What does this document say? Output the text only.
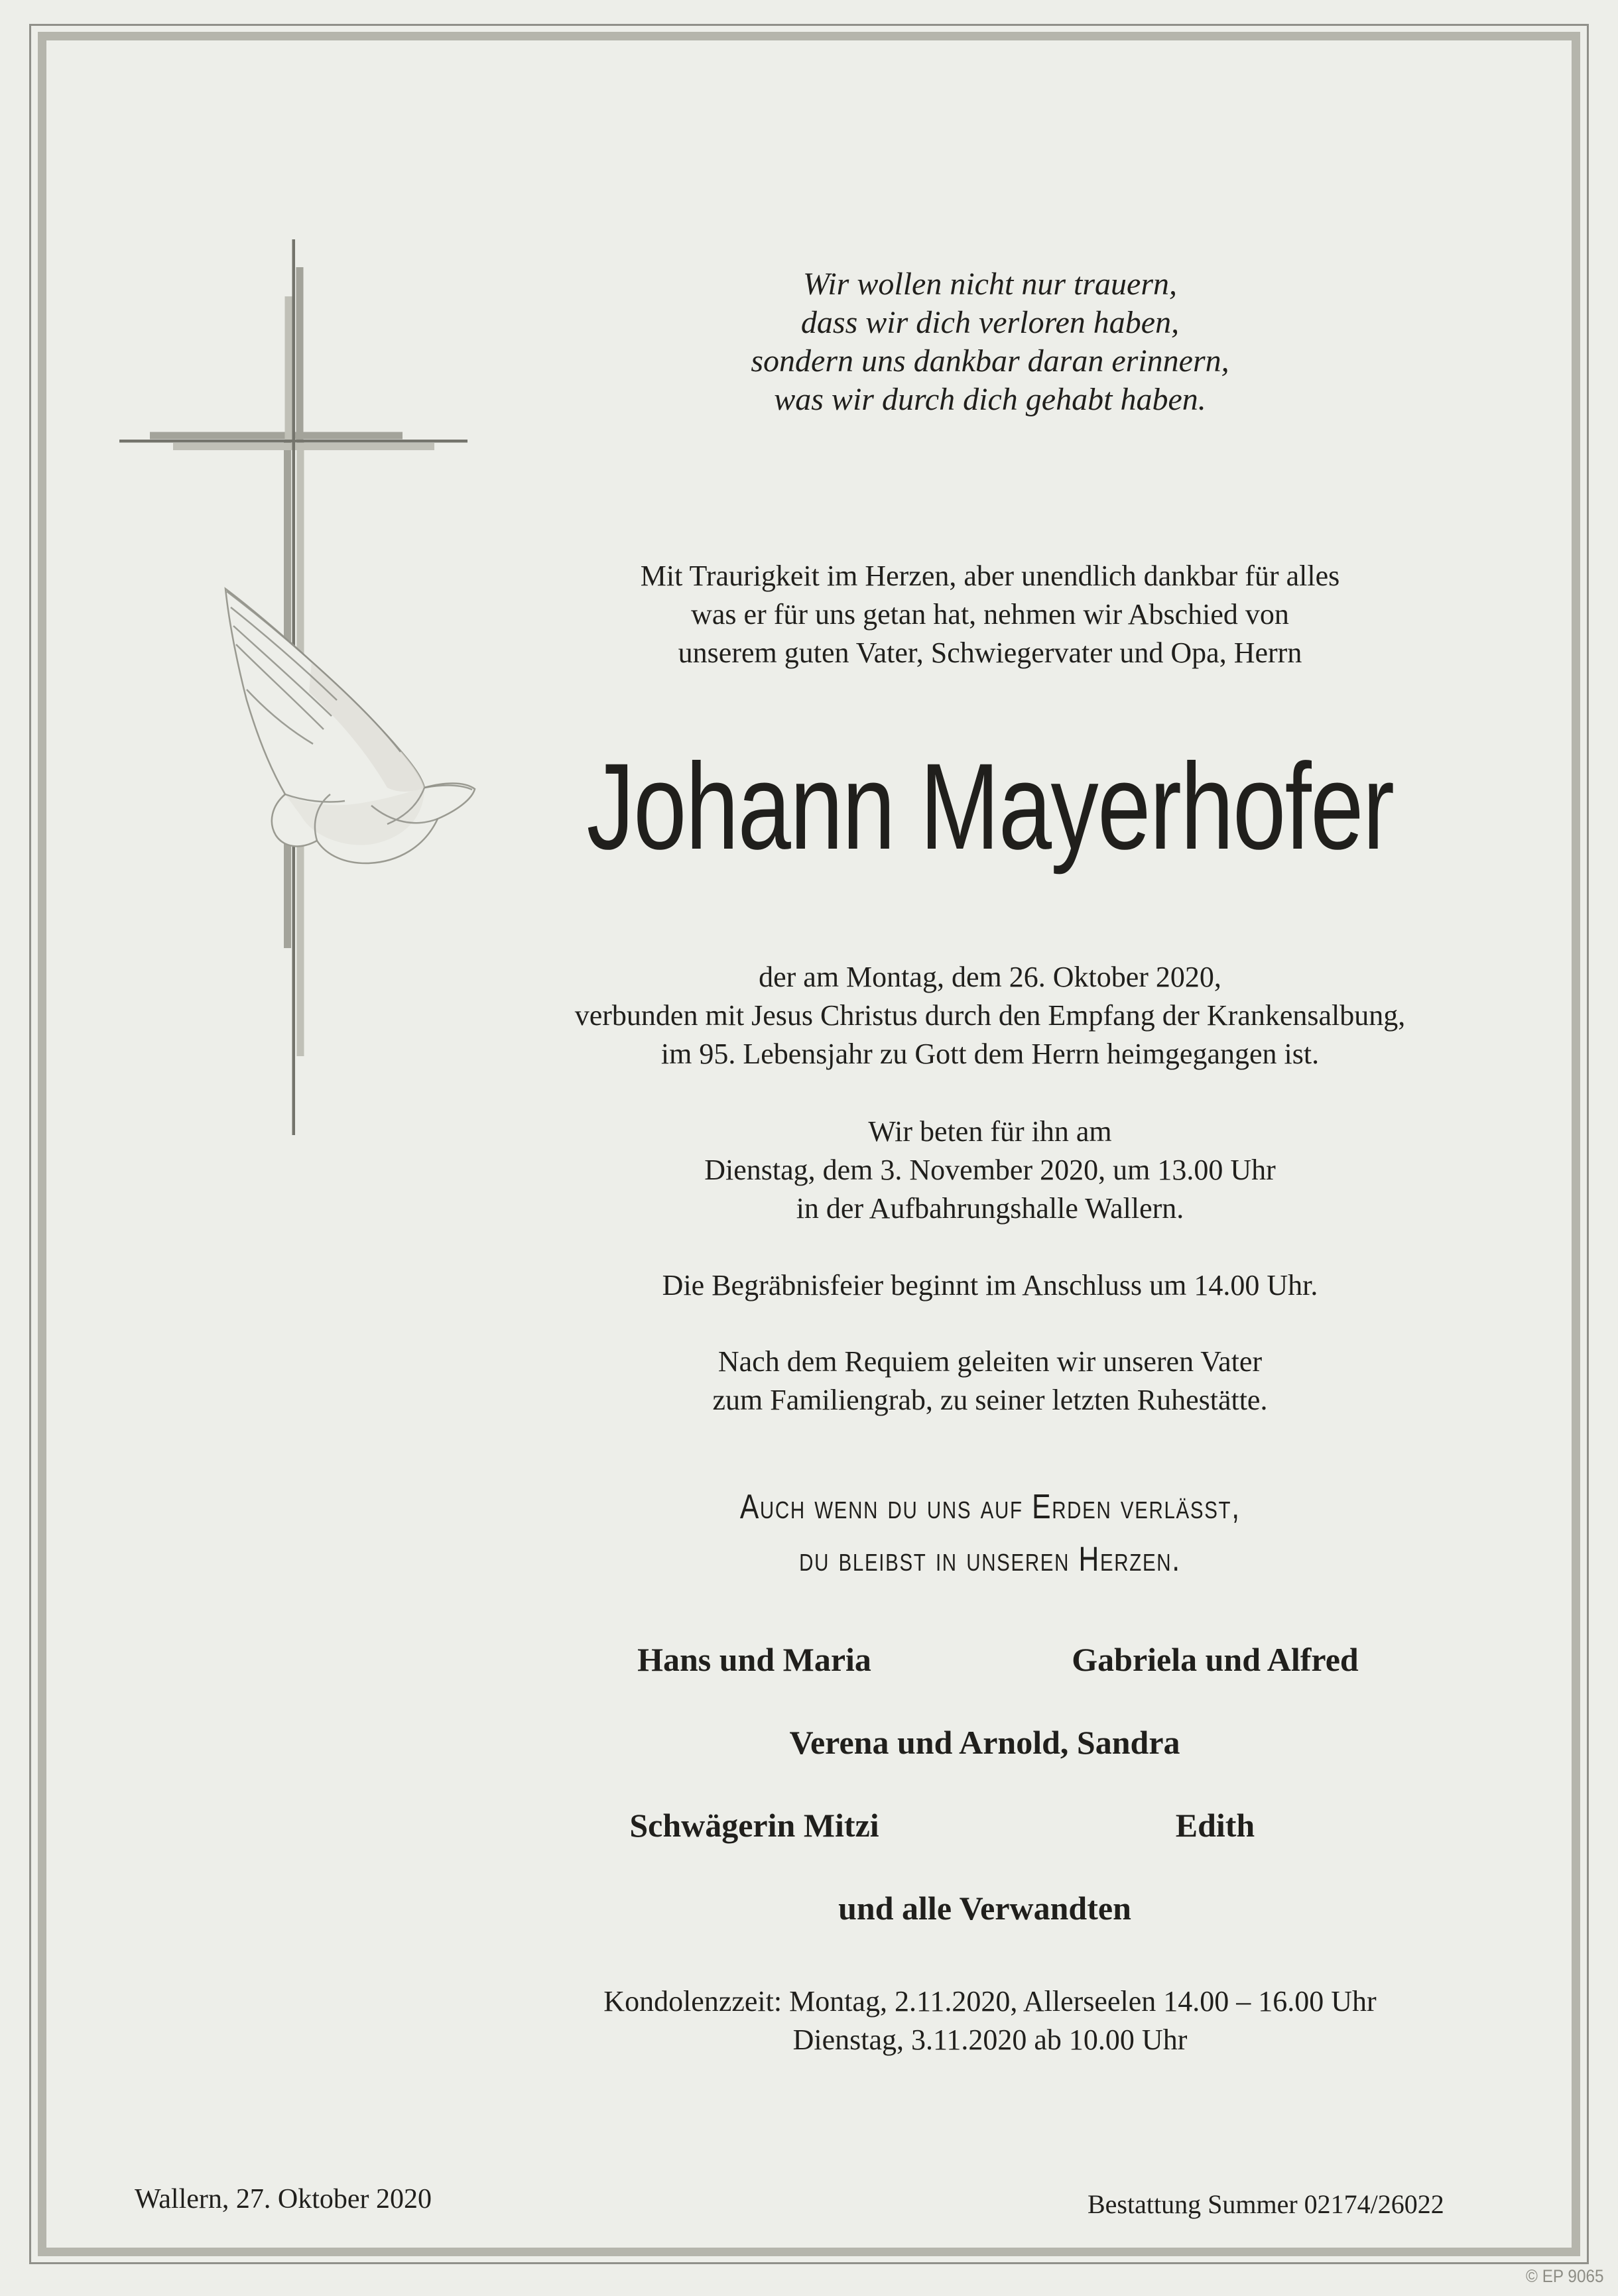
Wir wollen nicht nur trauern,
dass wir dich verloren haben,
sondern uns dankbar daran erinnern,
was wir durch dich gehabt haben.
Mit Traurigkeit im Herzen, aber unendlich dankbar für alles
was er für uns getan hat, nehmen wir Abschied von
unserem guten Vater, Schwiegervater und Opa, Herrn
Johann Mayerhofer
der am Montag, dem 26. Oktober 2020,
verbunden mit Jesus Christus durch den Empfang der Krankensalbung,
im 95. Lebensjahr zu Gott dem Herrn heimgegangen ist.
Wir beten für ihn am
Dienstag, dem 3. November 2020, um 13.00 Uhr
in der Aufbahrungshalle Wallern.
Die Begräbnisfeier beginnt im Anschluss um 14.00 Uhr.
Nach dem Requiem geleiten wir unseren Vater
zum Familiengrab, zu seiner letzten Ruhestätte.
Auch wenn du uns auf Erden verlässt,
du bleibst in unseren Herzen.
Hans und Maria	Gabriela und Alfred
Verena und Arnold, Sandra
Schwägerin Mitzi	Edith
und alle Verwandten
Kondolenzzeit: Montag, 2.11.2020, Allerseelen 14.00 – 16.00 Uhr
Dienstag, 3.11.2020 ab 10.00 Uhr
Wallern, 27. Oktober 2020	Bestattung Summer 02174/26022
© EP 9065
